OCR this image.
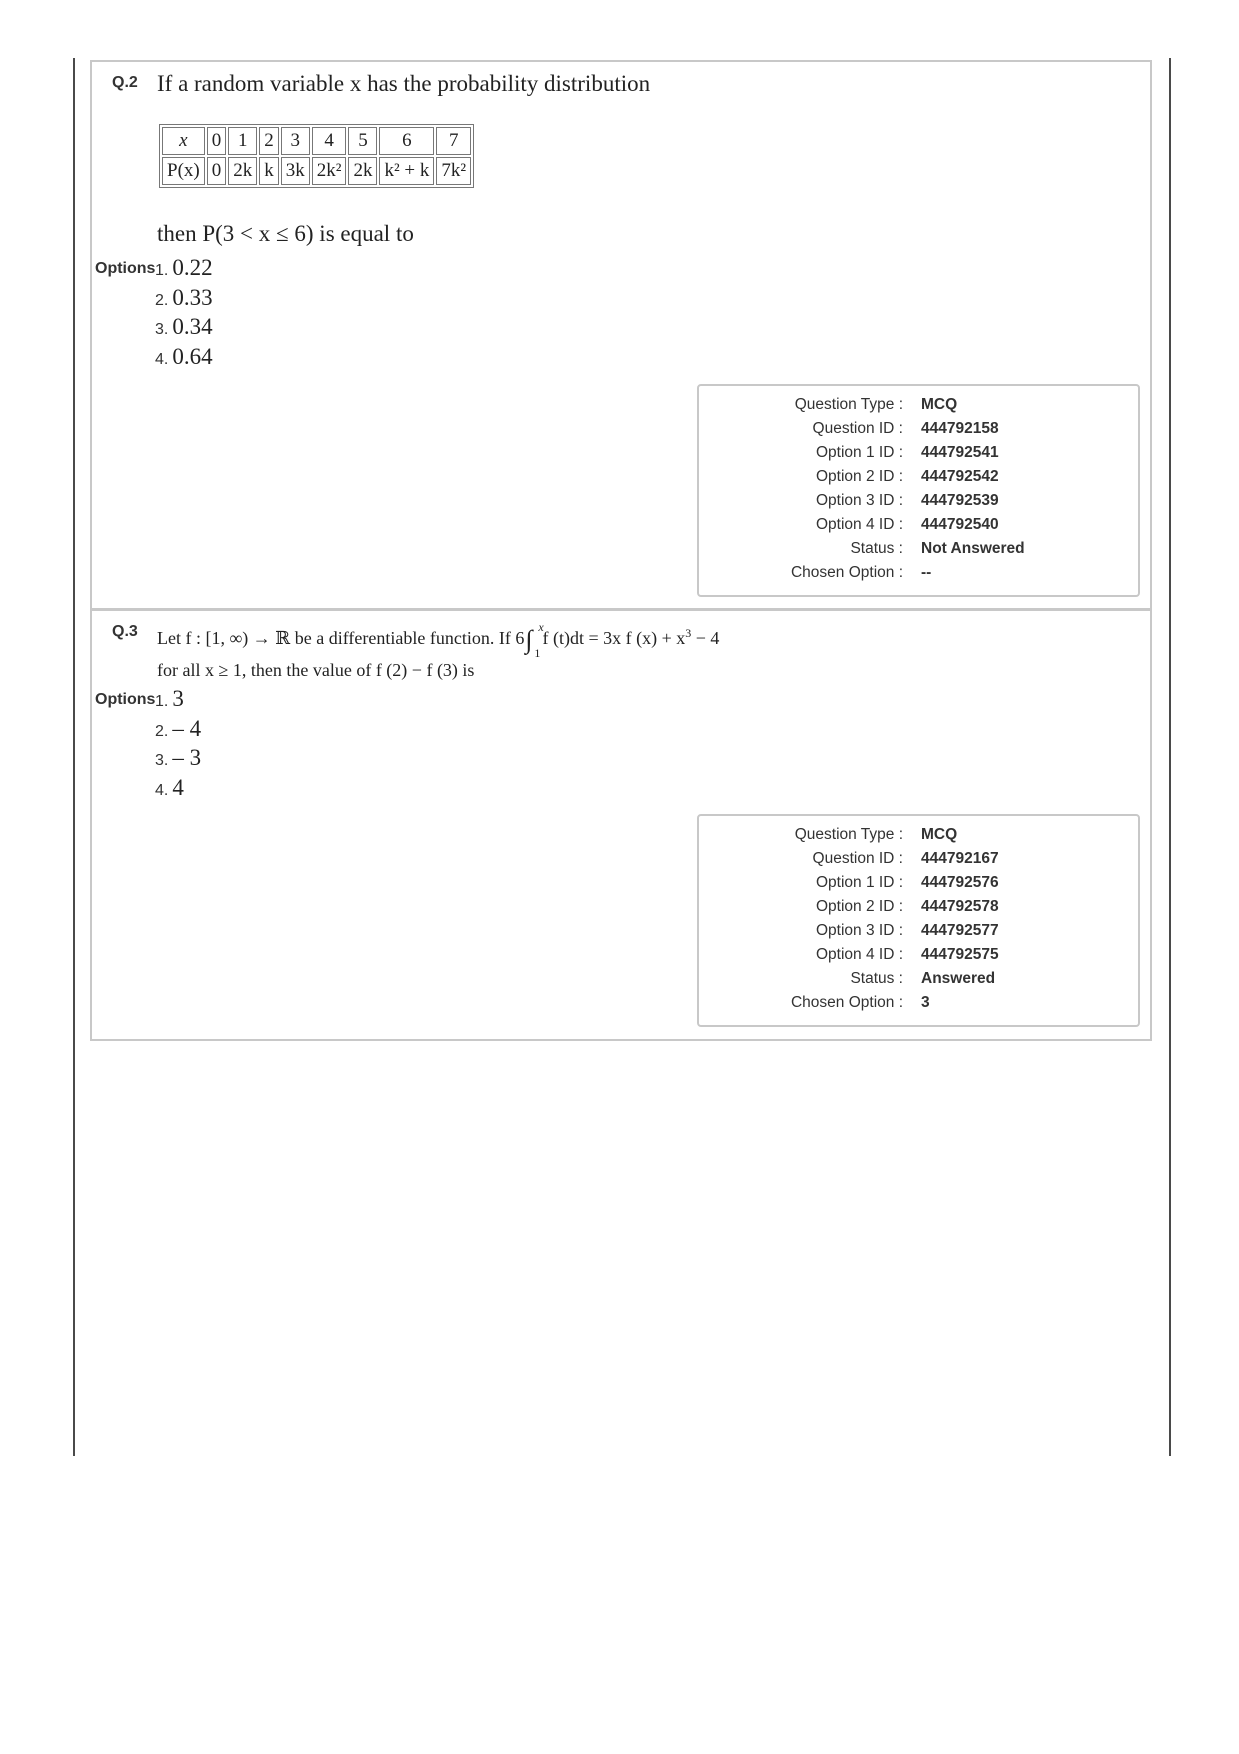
Q.2 If a random variable x has the probability distribution
x	0	1	2	3	4	5	6	7
P(x)	0	2k	k	3k	2k²	2k	k² + k	7k²
then P(3 < x ≤ 6) is equal to
Options 1. 0.22
2. 0.33
3. 0.34
4. 0.64
Question Type : MCQ
Question ID : 444792158
Option 1 ID : 444792541
Option 2 ID : 444792542
Option 3 ID : 444792539
Option 4 ID : 444792540
Status : Not Answered
Chosen Option : --
Q.3 Let f : [1, ∞) → ℝ be a differentiable function. If 6∫ x
1
f (t)dt = 3x f $(x) + x^3 - 4$
for all x ≥ 1, then the value of f (2) − f (3) is
Options 1. 3
2. – 4
3. – 3
4. 4
Question Type : MCQ
Question ID : 444792167
Option 1 ID : 444792576
Option 2 ID : 444792578
Option 3 ID : 444792577
Option 4 ID : 444792575
Status : Answered
Chosen Option : 3
